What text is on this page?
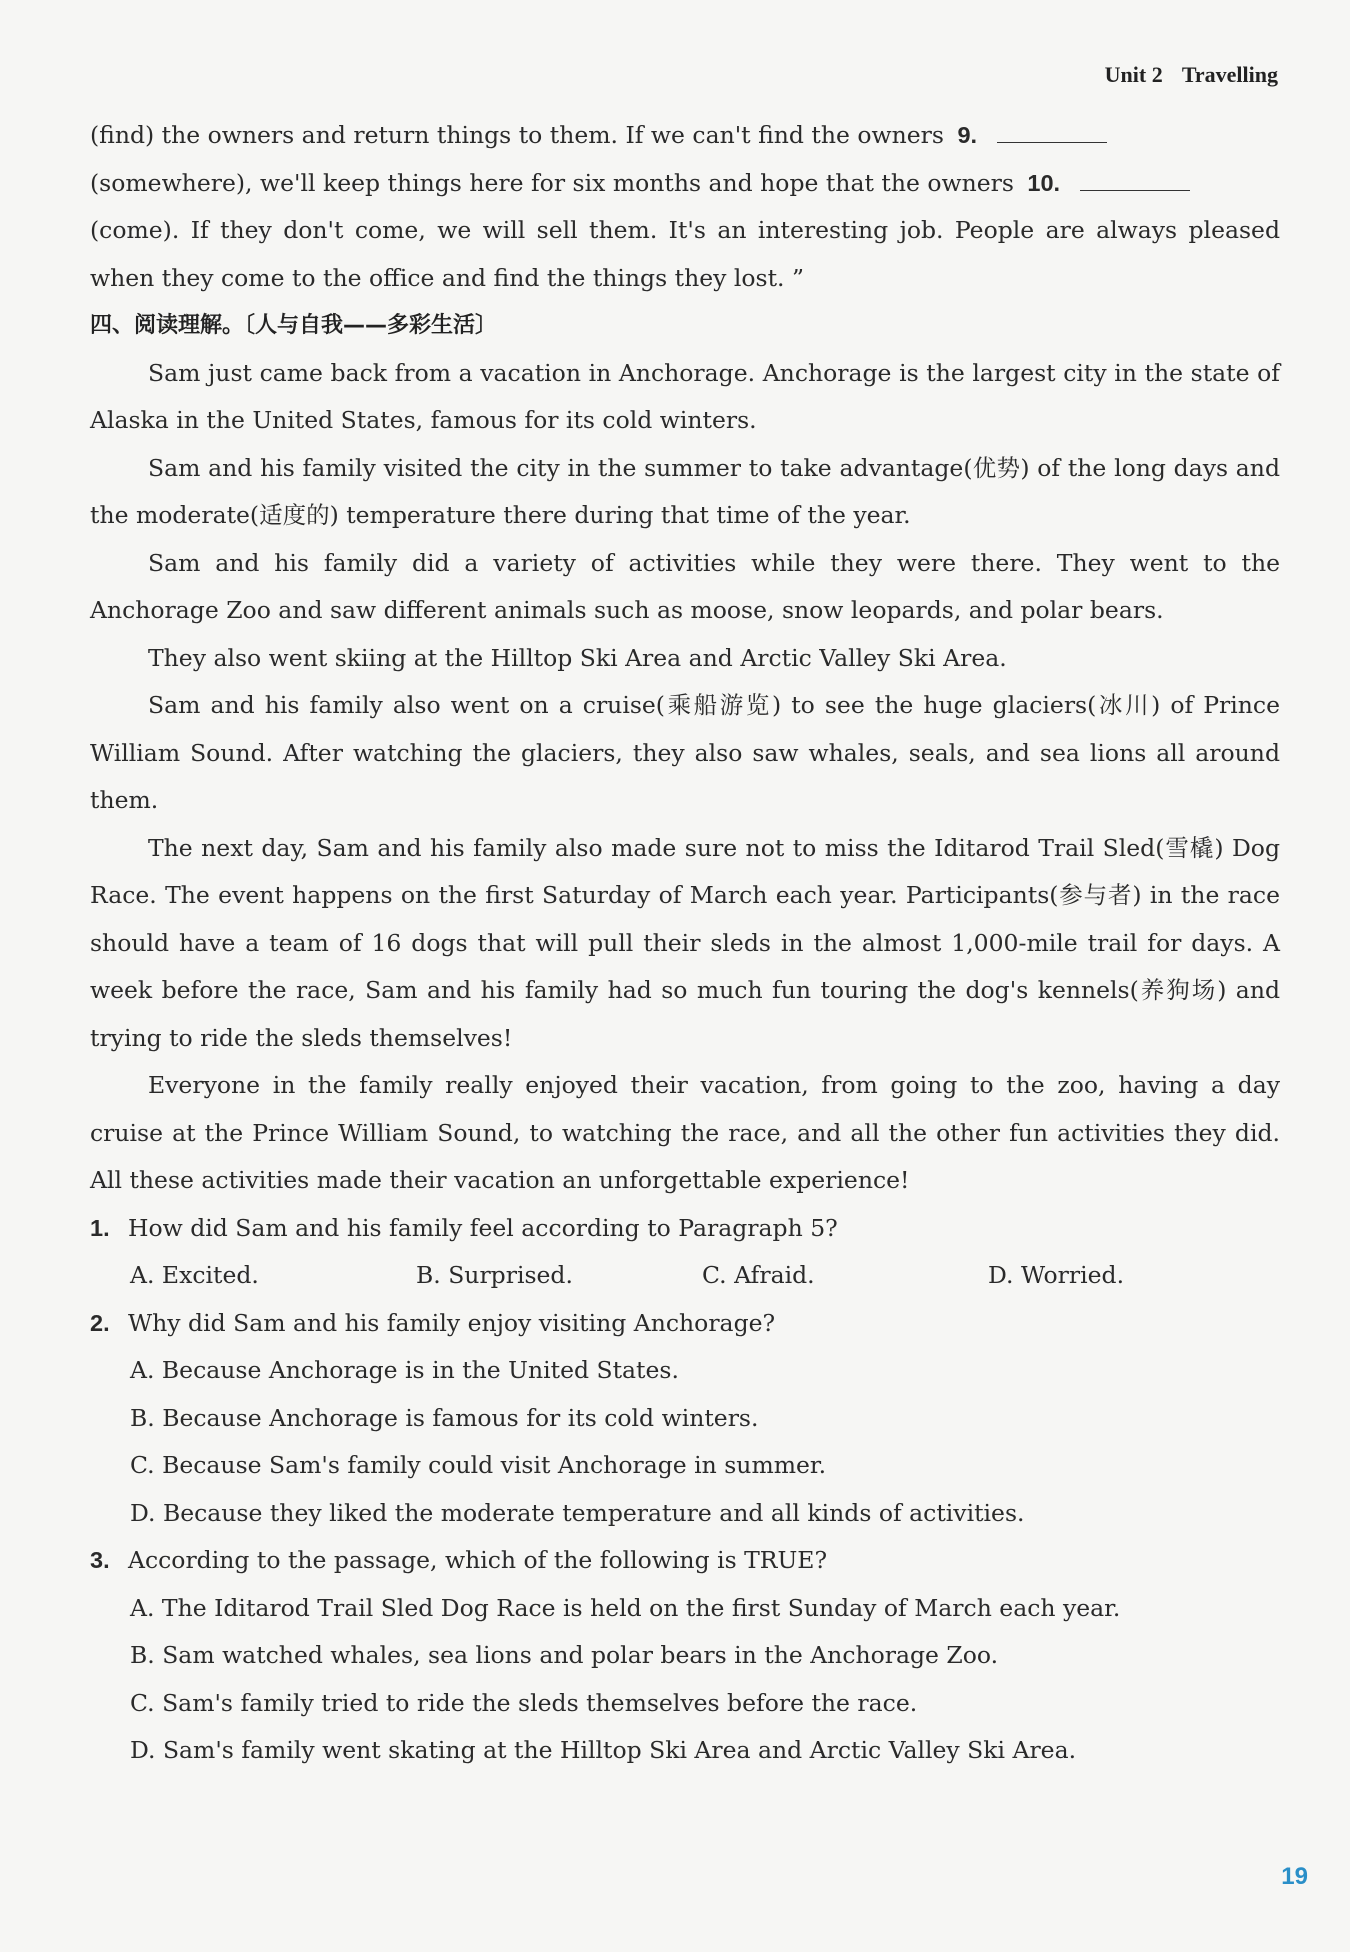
Unit 2 Travelling

(find) the owners and return things to them. If we can't find the owners 9.

(somewhere), we'll keep things here for six months and hope that the owners 10.

(come). If they don't come, we will sell them. It's an interesting job. People are always pleased when they come to the office and find the things they lost. ”

四、阅读理解。〔人与自我——多彩生活〕

Sam just came back from a vacation in Anchorage. Anchorage is the largest city in the state of Alaska in the United States, famous for its cold winters.

Sam and his family visited the city in the summer to take advantage(优势) of the long days and the moderate(适度的) temperature there during that time of the year.

Sam and his family did a variety of activities while they were there. They went to the Anchorage Zoo and saw different animals such as moose, snow leopards, and polar bears.

They also went skiing at the Hilltop Ski Area and Arctic Valley Ski Area.

Sam and his family also went on a cruise(乘船游览) to see the huge glaciers(冰川) of Prince William Sound. After watching the glaciers, they also saw whales, seals, and sea lions all around them.

The next day, Sam and his family also made sure not to miss the Iditarod Trail Sled(雪橇) Dog Race. The event happens on the first Saturday of March each year. Participants(参与者) in the race should have a team of 16 dogs that will pull their sleds in the almost 1,000-mile trail for days. A week before the race, Sam and his family had so much fun touring the dog's kennels(养狗场) and trying to ride the sleds themselves!

Everyone in the family really enjoyed their vacation, from going to the zoo, having a day cruise at the Prince William Sound, to watching the race, and all the other fun activities they did. All these activities made their vacation an unforgettable experience!

1. How did Sam and his family feel according to Paragraph 5?

A. Excited.	B. Surprised.	C. Afraid.	D. Worried.

2. Why did Sam and his family enjoy visiting Anchorage?

A. Because Anchorage is in the United States.

B. Because Anchorage is famous for its cold winters.

C. Because Sam's family could visit Anchorage in summer.

D. Because they liked the moderate temperature and all kinds of activities.

3. According to the passage, which of the following is TRUE?

A. The Iditarod Trail Sled Dog Race is held on the first Sunday of March each year.

B. Sam watched whales, sea lions and polar bears in the Anchorage Zoo.

C. Sam's family tried to ride the sleds themselves before the race.

D. Sam's family went skating at the Hilltop Ski Area and Arctic Valley Ski Area.

19
